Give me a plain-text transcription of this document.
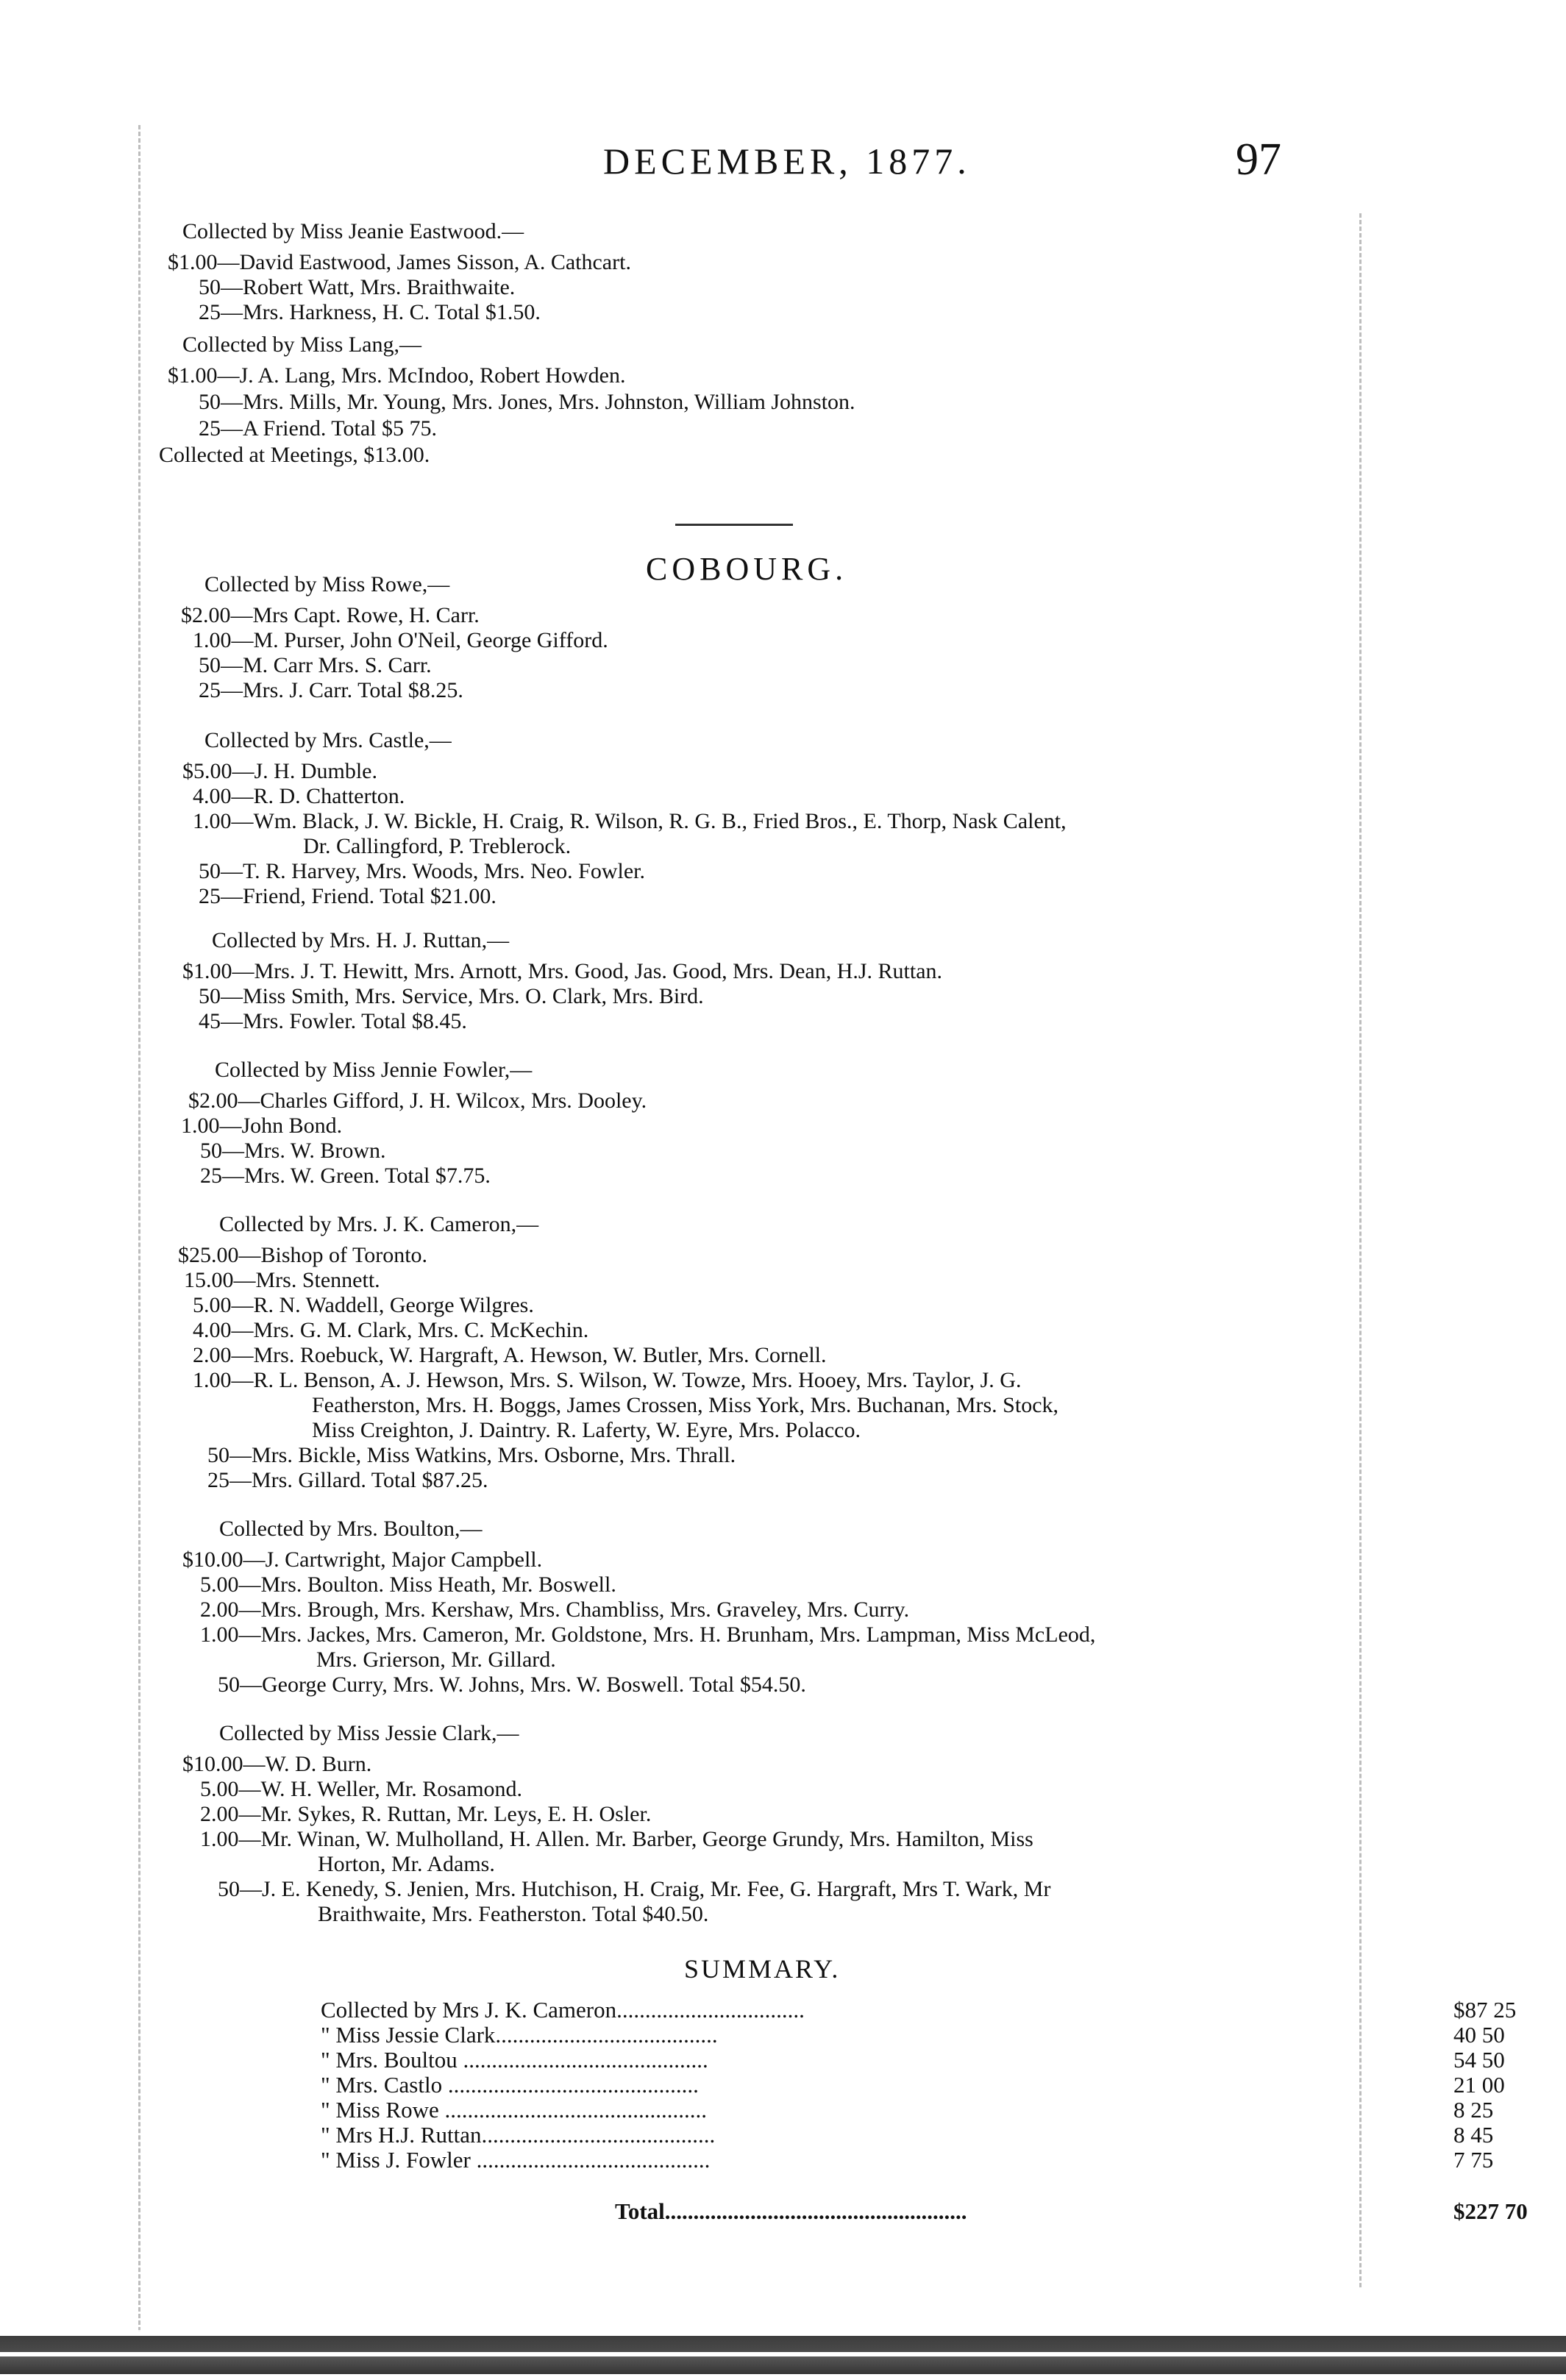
DECEMBER, 1877.	97
Collected by Miss Jeanie Eastwood.—
$1.00—David Eastwood, James Sisson, A. Cathcart.
50—Robert Watt, Mrs. Braithwaite.
25—Mrs. Harkness, H. C. Total $1.50.
Collected by Miss Lang,—
$1.00—J. A. Lang, Mrs. McIndoo, Robert Howden.
50—Mrs. Mills, Mr. Young, Mrs. Jones, Mrs. Johnston, William Johnston.
25—A Friend. Total $5 75.
Collected at Meetings, $13.00.
COBOURG.
Collected by Miss Rowe,—
$2.00—Mrs Capt. Rowe, H. Carr.
1.00—M. Purser, John O'Neil, George Gifford.
50—M. Carr Mrs. S. Carr.
25—Mrs. J. Carr. Total $8.25.
Collected by Mrs. Castle,—
$5.00—J. H. Dumble.
4.00—R. D. Chatterton.
1.00—Wm. Black, J. W. Bickle, H. Craig, R. Wilson, R. G. B., Fried Bros., E. Thorp, Nask Calent,
Dr. Callingford, P. Treblerock.
50—T. R. Harvey, Mrs. Woods, Mrs. Neo. Fowler.
25—Friend, Friend. Total $21.00.
Collected by Mrs. H. J. Ruttan,—
$1.00—Mrs. J. T. Hewitt, Mrs. Arnott, Mrs. Good, Jas. Good, Mrs. Dean, H.J. Ruttan.
50—Miss Smith, Mrs. Service, Mrs. O. Clark, Mrs. Bird.
45—Mrs. Fowler. Total $8.45.
Collected by Miss Jennie Fowler,—
$2.00—Charles Gifford, J. H. Wilcox, Mrs. Dooley.
1.00—John Bond.
50—Mrs. W. Brown.
25—Mrs. W. Green. Total $7.75.
Collected by Mrs. J. K. Cameron,—
$25.00—Bishop of Toronto.
15.00—Mrs. Stennett.
5.00—R. N. Waddell, George Wilgres.
4.00—Mrs. G. M. Clark, Mrs. C. McKechin.
2.00—Mrs. Roebuck, W. Hargraft, A. Hewson, W. Butler, Mrs. Cornell.
1.00—R. L. Benson, A. J. Hewson, Mrs. S. Wilson, W. Towze, Mrs. Hooey, Mrs. Taylor, J. G.
Featherston, Mrs. H. Boggs, James Crossen, Miss York, Mrs. Buchanan, Mrs. Stock,
Miss Creighton, J. Daintry. R. Laferty, W. Eyre, Mrs. Polacco.
50—Mrs. Bickle, Miss Watkins, Mrs. Osborne, Mrs. Thrall.
25—Mrs. Gillard. Total $87.25.
Collected by Mrs. Boulton,—
$10.00—J. Cartwright, Major Campbell.
5.00—Mrs. Boulton. Miss Heath, Mr. Boswell.
2.00—Mrs. Brough, Mrs. Kershaw, Mrs. Chambliss, Mrs. Graveley, Mrs. Curry.
1.00—Mrs. Jackes, Mrs. Cameron, Mr. Goldstone, Mrs. H. Brunham, Mrs. Lampman, Miss McLeod,
Mrs. Grierson, Mr. Gillard.
50—George Curry, Mrs. W. Johns, Mrs. W. Boswell. Total $54.50.
Collected by Miss Jessie Clark,—
$10.00—W. D. Burn.
5.00—W. H. Weller, Mr. Rosamond.
2.00—Mr. Sykes, R. Ruttan, Mr. Leys, E. H. Osler.
1.00—Mr. Winan, W. Mulholland, H. Allen. Mr. Barber, George Grundy, Mrs. Hamilton, Miss
Horton, Mr. Adams.
50—J. E. Kenedy, S. Jenien, Mrs. Hutchison, H. Craig, Mr. Fee, G. Hargraft, Mrs T. Wark, Mr
Braithwaite, Mrs. Featherston. Total $40.50.
SUMMARY.
Collected by Mrs J. K. Cameron.................................	$87 25
" Miss Jessie Clark.......................................	40 50
" Mrs. Boultou ...........................................	54 50
" Mrs. Castlo ............................................	21 00
" Miss Rowe ..............................................	8 25
" Mrs H.J. Ruttan.........................................	8 45
" Miss J. Fowler .........................................	7 75
Total.....................................................	$227 70
